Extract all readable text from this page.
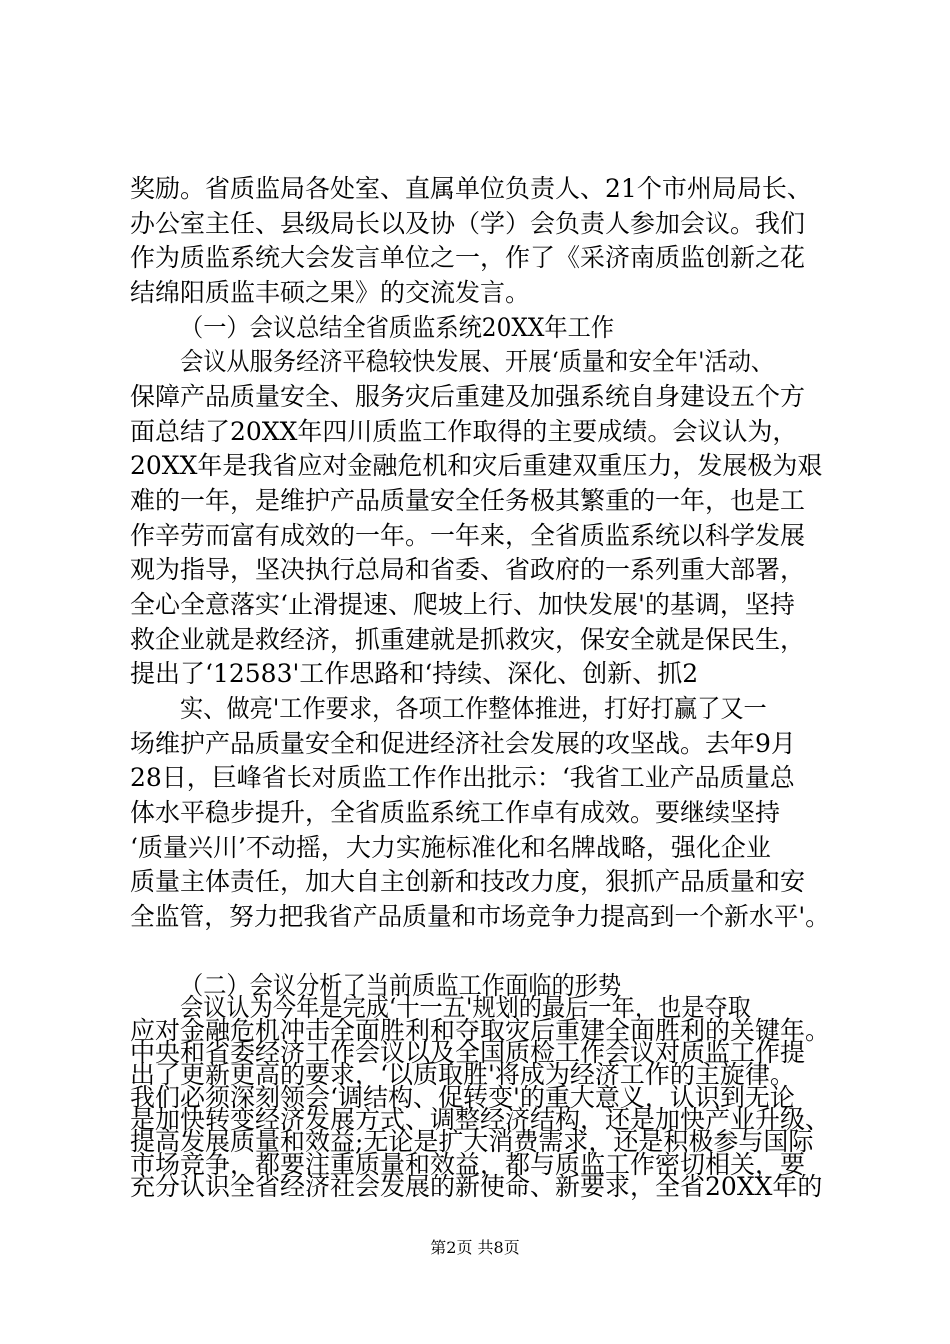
奖励。省质监局各处室、直属单位负责人、21个市州局局长、
办公室主任、县级局长以及协（学）会负责人参加会议。我们
作为质监系统大会发言单位之一，作了《采济南质监创新之花
结绵阳质监丰硕之果》的交流发言。
（一）会议总结全省质监系统20XX年工作
会议从服务经济平稳较快发展、开展‘质量和安全年'活动、
保障产品质量安全、服务灾后重建及加强系统自身建设五个方
面总结了20XX年四川质监工作取得的主要成绩。会议认为，
20XX年是我省应对金融危机和灾后重建双重压力，发展极为艰
难的一年，是维护产品质量安全任务极其繁重的一年，也是工
作辛劳而富有成效的一年。一年来，全省质监系统以科学发展
观为指导，坚决执行总局和省委、省政府的一系列重大部署，
全心全意落实‘止滑提速、爬坡上行、加快发展'的基调，坚持
救企业就是救经济，抓重建就是抓救灾，保安全就是保民生，
提出了‘12583'工作思路和‘持续、深化、创新、抓2
实、做亮'工作要求，各项工作整体推进，打好打赢了又一
场维护产品质量安全和促进经济社会发展的攻坚战。去年9月
28日，巨峰省长对质监工作作出批示：‘我省工业产品质量总
体水平稳步提升，全省质监系统工作卓有成效。要继续坚持
‘质量兴川’不动摇，大力实施标准化和名牌战略，强化企业
质量主体责任，加大自主创新和技改力度，狠抓产品质量和安
全监管，努力把我省产品质量和市场竞争力提高到一个新水平'。
（二）会议分析了当前质监工作面临的形势
会议认为今年是完成‘十一五'规划的最后一年，也是夺取
应对金融危机冲击全面胜利和夺取灾后重建全面胜利的关键年。
中央和省委经济工作会议以及全国质检工作会议对质监工作提
出了更新更高的要求，‘以质取胜'将成为经济工作的主旋律。
我们必须深刻领会‘调结构、促转变'的重大意义，认识到无论
是加快转变经济发展方式、调整经济结构，还是加快产业升级、
提高发展质量和效益;无论是扩大消费需求，还是积极参与国际
市场竞争，都要注重质量和效益，都与质监工作密切相关，要
充分认识全省经济社会发展的新使命、新要求，全省20XX年的
第2页 共8页
